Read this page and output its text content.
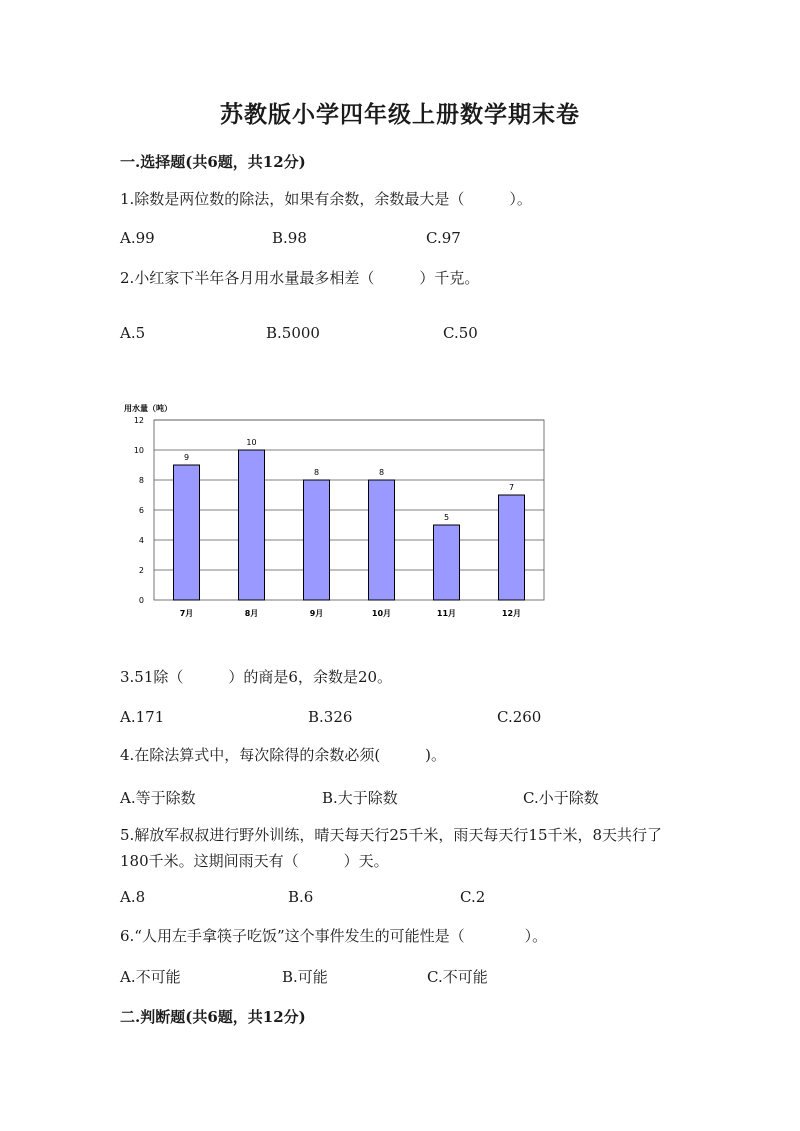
苏教版小学四年级上册数学期末卷
一.选择题(共6题，共12分)
1.除数是两位数的除法，如果有余数，余数最大是（　　　）。
A.99	B.98	C.97
2.小红家下半年各月用水量最多相差（　　　）千克。
A.5	B.5000	C.50
用水量（吨）
0
2
4
6
8
10
12
9
7月
10
8月
8
9月
8
10月
5
11月
7
12月
3.51除（　　　）的商是6，余数是20。
A.171	B.326	C.260
4.在除法算式中，每次除得的余数必须(　　　)。
A.等于除数	B.大于除数	C.小于除数
5.解放军叔叔进行野外训练，晴天每天行25千米，雨天每天行15千米，8天共行了180千米。这期间雨天有（　　　）天。
A.8	B.6	C.2
6.“人用左手拿筷子吃饭”这个事件发生的可能性是（　　　　）。
A.不可能	B.可能	C.不可能
二.判断题(共6题，共12分)
